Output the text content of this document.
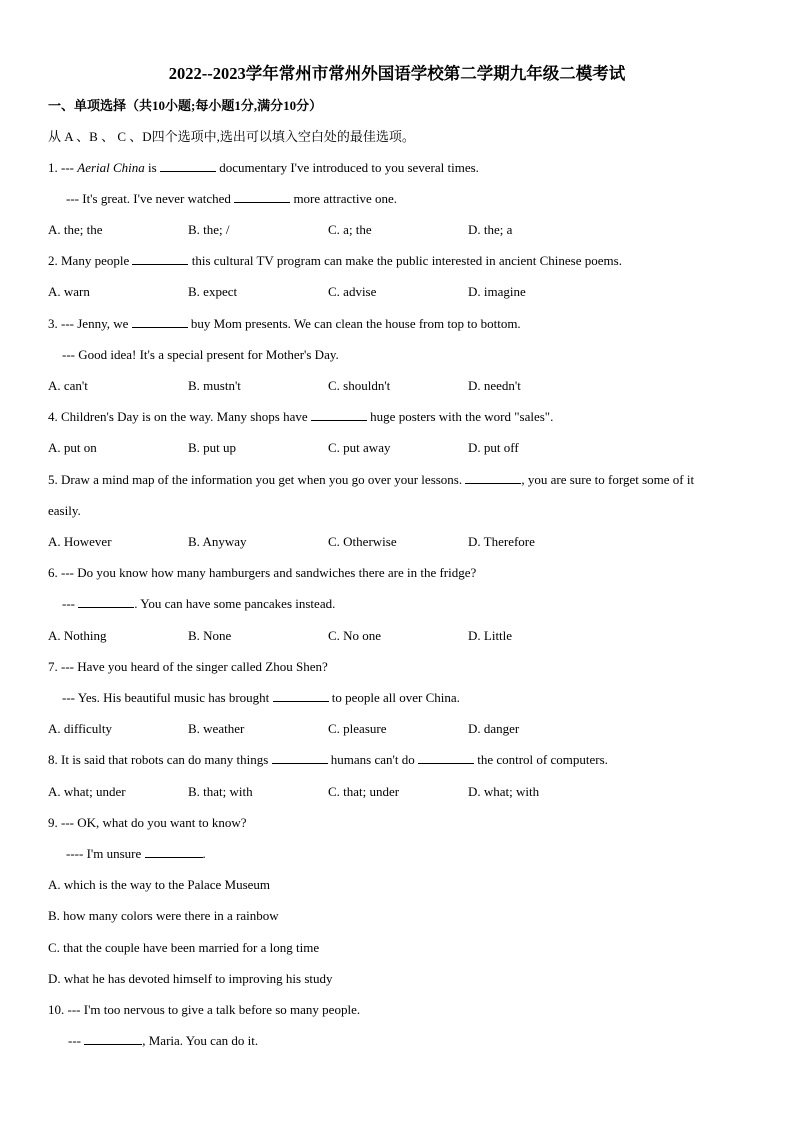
2022--2023学年常州市常州外国语学校第二学期九年级二模考试
一、单项选择（共10小题;每小题1分,满分10分）
从 A 、B 、 C 、D四个选项中,选出可以填入空白处的最佳选项。
1. --- Aerial China is	documentary I've introduced to you several times.
--- It's great. I've never watched	more attractive one.
A. the; the	B. the; /	C. a; the	D. the; a
2. Many people	this cultural TV program can make the public interested in ancient Chinese poems.
A. warn	B. expect	C. advise	D. imagine
3. --- Jenny, we	buy Mom presents. We can clean the house from top to bottom.
--- Good idea! It's a special present for Mother's Day.
A. can't	B. mustn't	C. shouldn't	D. needn't
4. Children's Day is on the way. Many shops have	huge posters with the word "sales".
A. put on	B. put up	C. put away	D. put off
5. Draw a mind map of the information you get when you go over your lessons.	, you are sure to forget some of it
easily.
A. However	B. Anyway	C. Otherwise	D. Therefore
6. --- Do you know how many hamburgers and sandwiches there are in the fridge?
---	. You can have some pancakes instead.
A. Nothing	B. None	C. No one	D. Little
7. --- Have you heard of the singer called Zhou Shen?
--- Yes. His beautiful music has brought	to people all over China.
A. difficulty	B. weather	C. pleasure	D. danger
8. It is said that robots can do many things	humans can't do	the control of computers.
A. what; under	B. that; with	C. that; under	D. what; with
9. --- OK, what do you want to know?
---- I'm unsure	.
A. which is the way to the Palace Museum
B. how many colors were there in a rainbow
C. that the couple have been married for a long time
D. what he has devoted himself to improving his study
10. --- I'm too nervous to give a talk before so many people.
---	, Maria. You can do it.
